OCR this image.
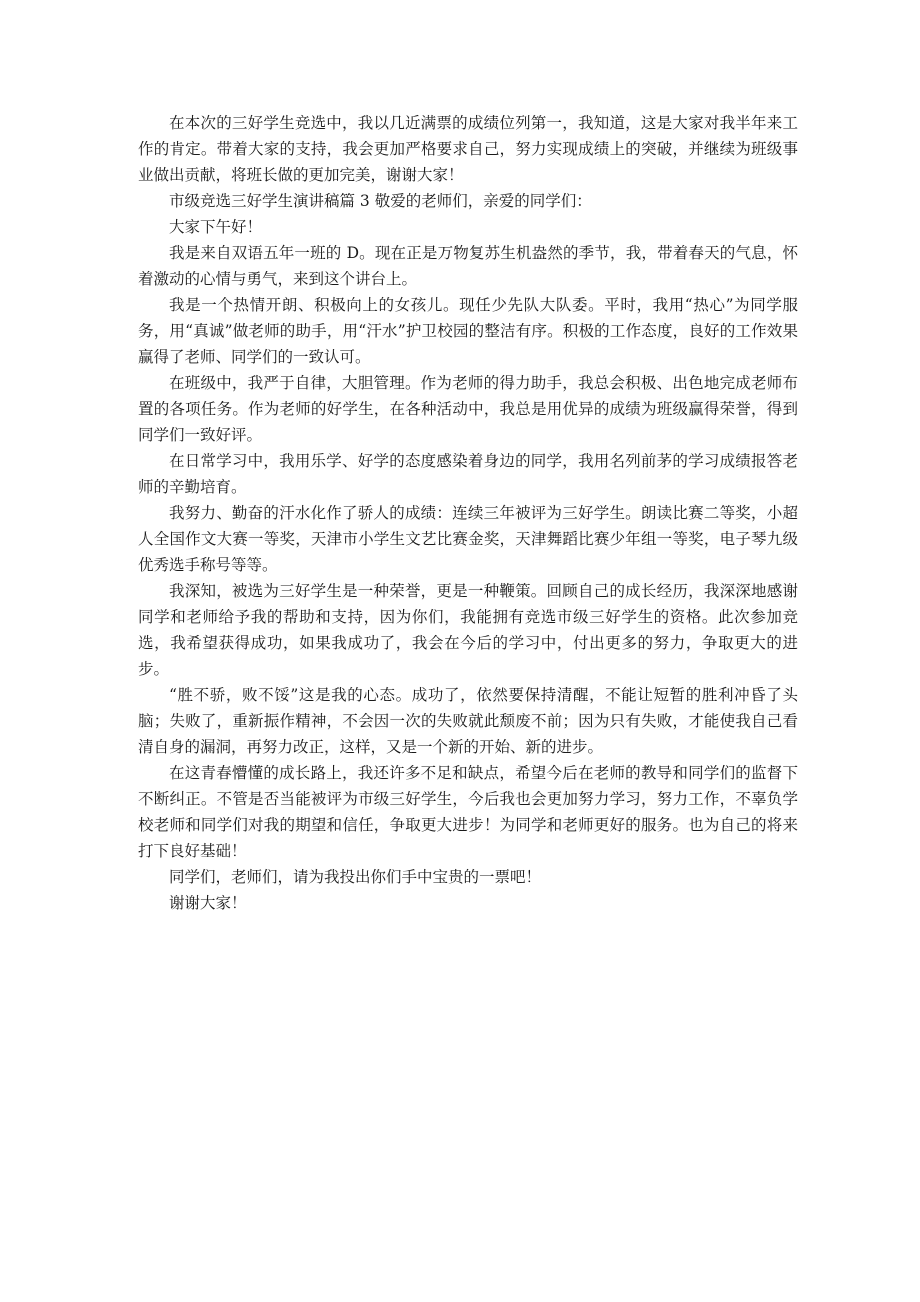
在本次的三好学生竞选中，我以几近满票的成绩位列第一，我知道，这是大家对我半年来工作的肯定。带着大家的支持，我会更加严格要求自己，努力实现成绩上的突破，并继续为班级事业做出贡献，将班长做的更加完美，谢谢大家！

市级竞选三好学生演讲稿篇 3 敬爱的老师们，亲爱的同学们：

大家下午好！

我是来自双语五年一班的 D。现在正是万物复苏生机盎然的季节，我，带着春天的气息，怀着激动的心情与勇气，来到这个讲台上。

我是一个热情开朗、积极向上的女孩儿。现任少先队大队委。平时，我用“热心”为同学服务，用“真诚”做老师的助手，用“汗水”护卫校园的整洁有序。积极的工作态度，良好的工作效果赢得了老师、同学们的一致认可。

在班级中，我严于自律，大胆管理。作为老师的得力助手，我总会积极、出色地完成老师布置的各项任务。作为老师的好学生，在各种活动中，我总是用优异的成绩为班级赢得荣誉，得到同学们一致好评。

在日常学习中，我用乐学、好学的态度感染着身边的同学，我用名列前茅的学习成绩报答老师的辛勤培育。

我努力、勤奋的汗水化作了骄人的成绩：连续三年被评为三好学生。朗读比赛二等奖，小超人全国作文大赛一等奖，天津市小学生文艺比赛金奖，天津舞蹈比赛少年组一等奖，电子琴九级优秀选手称号等等。

我深知，被选为三好学生是一种荣誉，更是一种鞭策。回顾自己的成长经历，我深深地感谢同学和老师给予我的帮助和支持，因为你们，我能拥有竞选市级三好学生的资格。此次参加竞选，我希望获得成功，如果我成功了，我会在今后的学习中，付出更多的努力，争取更大的进步。

“胜不骄，败不馁”这是我的心态。成功了，依然要保持清醒，不能让短暂的胜利冲昏了头脑；失败了，重新振作精神，不会因一次的失败就此颓废不前；因为只有失败，才能使我自己看清自身的漏洞，再努力改正，这样，又是一个新的开始、新的进步。

在这青春懵懂的成长路上，我还许多不足和缺点，希望今后在老师的教导和同学们的监督下不断纠正。不管是否当能被评为市级三好学生，今后我也会更加努力学习，努力工作，不辜负学校老师和同学们对我的期望和信任，争取更大进步！为同学和老师更好的服务。也为自己的将来打下良好基础！

同学们，老师们，请为我投出你们手中宝贵的一票吧！

谢谢大家！
